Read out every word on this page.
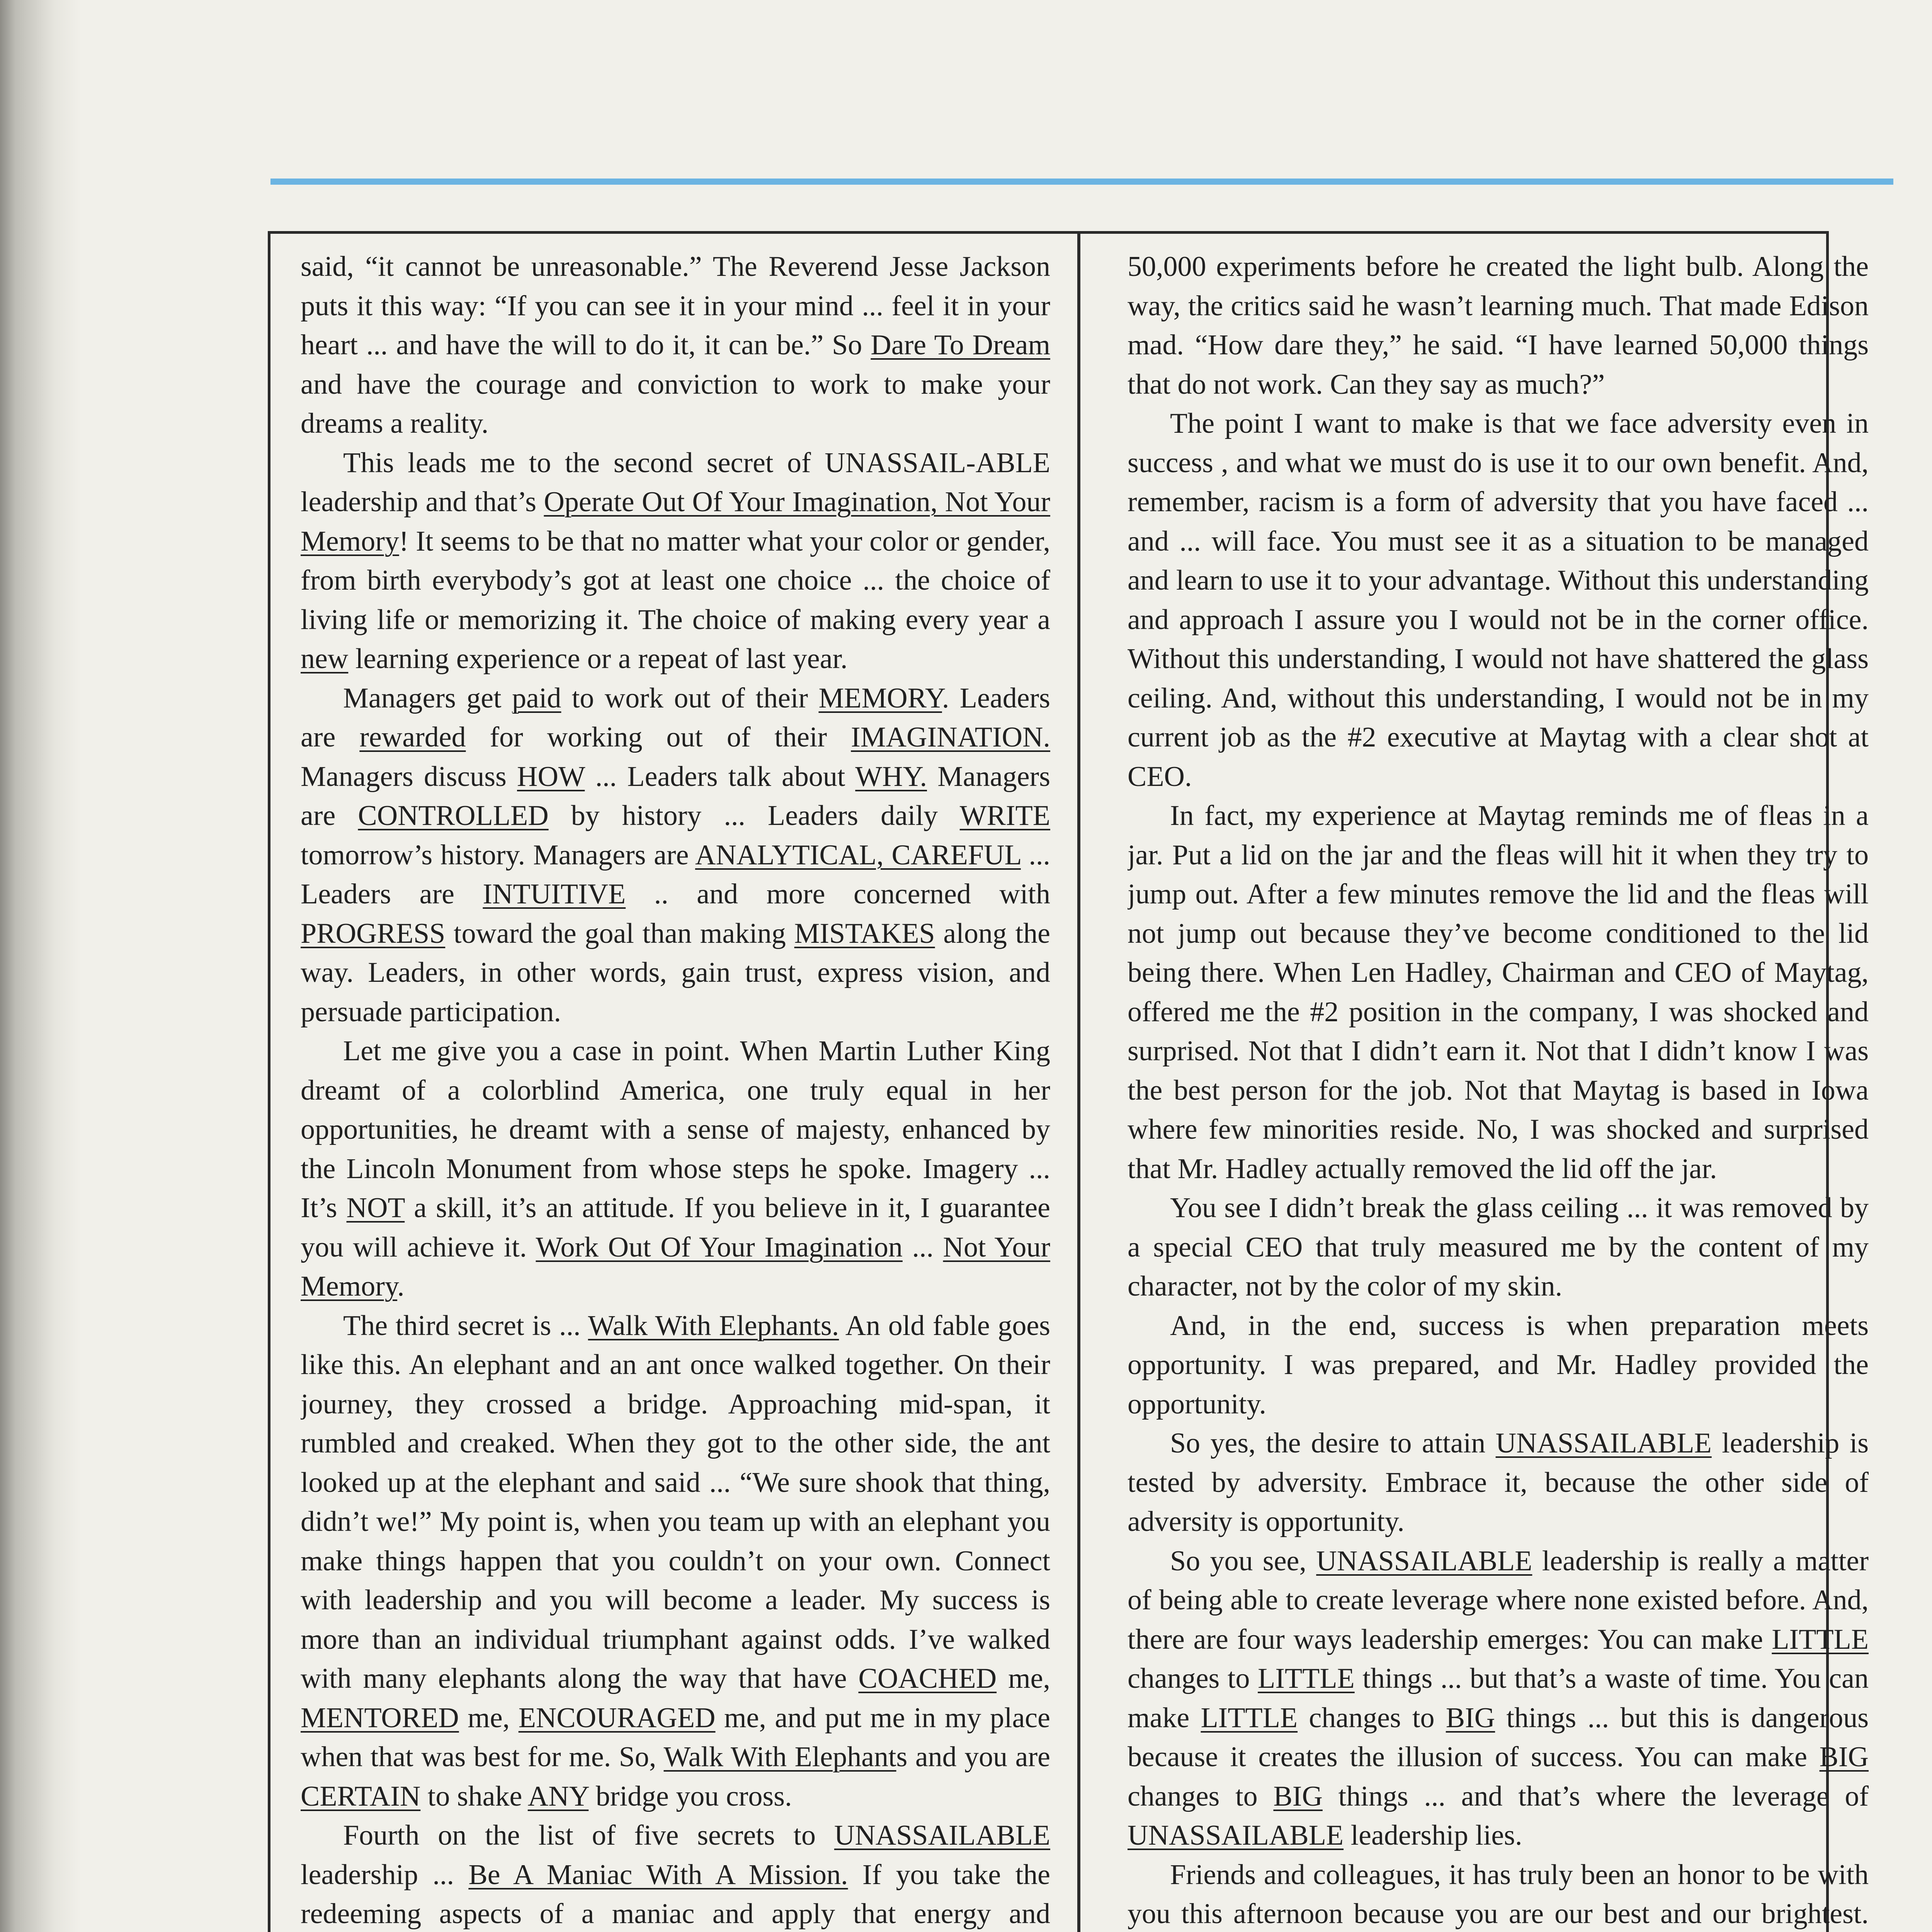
said, “it cannot be unreasonable.” The Reverend Jesse Jackson puts it this way: “If you can see it in your mind ... feel it in your heart ... and have the will to do it, it can be.” So Dare To Dream and have the courage and conviction to work to make your dreams a reality.

This leads me to the second secret of UNASSAIL-ABLE leadership and that’s Operate Out Of Your Imagination, Not Your Memory! It seems to be that no matter what your color or gender, from birth everybody’s got at least one choice ... the choice of living life or memorizing it. The choice of making every year a new learning experience or a repeat of last year.

Managers get paid to work out of their MEMORY. Leaders are rewarded for working out of their IMAGINATION. Managers discuss HOW ... Leaders talk about WHY. Managers are CONTROLLED by history ... Leaders daily WRITE tomorrow’s history. Managers are ANALYTICAL, CAREFUL ... Leaders are INTUITIVE .. and more concerned with PROGRESS toward the goal than making MISTAKES along the way. Leaders, in other words, gain trust, express vision, and persuade participation.

Let me give you a case in point. When Martin Luther King dreamt of a colorblind America, one truly equal in her opportunities, he dreamt with a sense of majesty, enhanced by the Lincoln Monument from whose steps he spoke. Imagery ... It’s NOT a skill, it’s an attitude. If you believe in it, I guarantee you will achieve it. Work Out Of Your Imagination ... Not Your Memory.

The third secret is ... Walk With Elephants. An old fable goes like this. An elephant and an ant once walked together. On their journey, they crossed a bridge. Approaching mid-span, it rumbled and creaked. When they got to the other side, the ant looked up at the elephant and said ... “We sure shook that thing, didn’t we!” My point is, when you team up with an elephant you make things happen that you couldn’t on your own. Connect with leadership and you will become a leader. My success is more than an individual triumphant against odds. I’ve walked with many elephants along the way that have COACHED me, MENTORED me, ENCOURAGED me, and put me in my place when that was best for me. So, Walk With Elephants and you are CERTAIN to shake ANY bridge you cross.

Fourth on the list of five secrets to UNASSAILABLE leadership ... Be A Maniac With A Mission. If you take the redeeming aspects of a maniac and apply that energy and

50,000 experiments before he created the light bulb. Along the way, the critics said he wasn’t learning much. That made Edison mad. “How dare they,” he said. “I have learned 50,000 things that do not work. Can they say as much?”

The point I want to make is that we face adversity even in success , and what we must do is use it to our own benefit. And, remember, racism is a form of adversity that you have faced ... and ... will face. You must see it as a situation to be managed and learn to use it to your advantage. Without this understanding and approach I assure you I would not be in the corner office. Without this understanding, I would not have shattered the glass ceiling. And, without this understanding, I would not be in my current job as the #2 executive at Maytag with a clear shot at CEO.

In fact, my experience at Maytag reminds me of fleas in a jar. Put a lid on the jar and the fleas will hit it when they try to jump out. After a few minutes remove the lid and the fleas will not jump out because they’ve become conditioned to the lid being there. When Len Hadley, Chairman and CEO of Maytag, offered me the #2 position in the company, I was shocked and surprised. Not that I didn’t earn it. Not that I didn’t know I was the best person for the job. Not that Maytag is based in Iowa where few minorities reside. No, I was shocked and surprised that Mr. Hadley actually removed the lid off the jar.

You see I didn’t break the glass ceiling ... it was removed by a special CEO that truly measured me by the content of my character, not by the color of my skin.

And, in the end, success is when preparation meets opportunity. I was prepared, and Mr. Hadley provided the opportunity.

So yes, the desire to attain UNASSAILABLE leadership is tested by adversity. Embrace it, because the other side of adversity is opportunity.

So you see, UNASSAILABLE leadership is really a matter of being able to create leverage where none existed before. And, there are four ways leadership emerges: You can make LITTLE changes to LITTLE things ... but that’s a waste of time. You can make LITTLE changes to BIG things ... but this is dangerous because it creates the illusion of success. You can make BIG changes to BIG things ... and that’s where the leverage of UNASSAILABLE leadership lies.

Friends and colleagues, it has truly been an honor to be with you this afternoon because you are our best and our brightest.
